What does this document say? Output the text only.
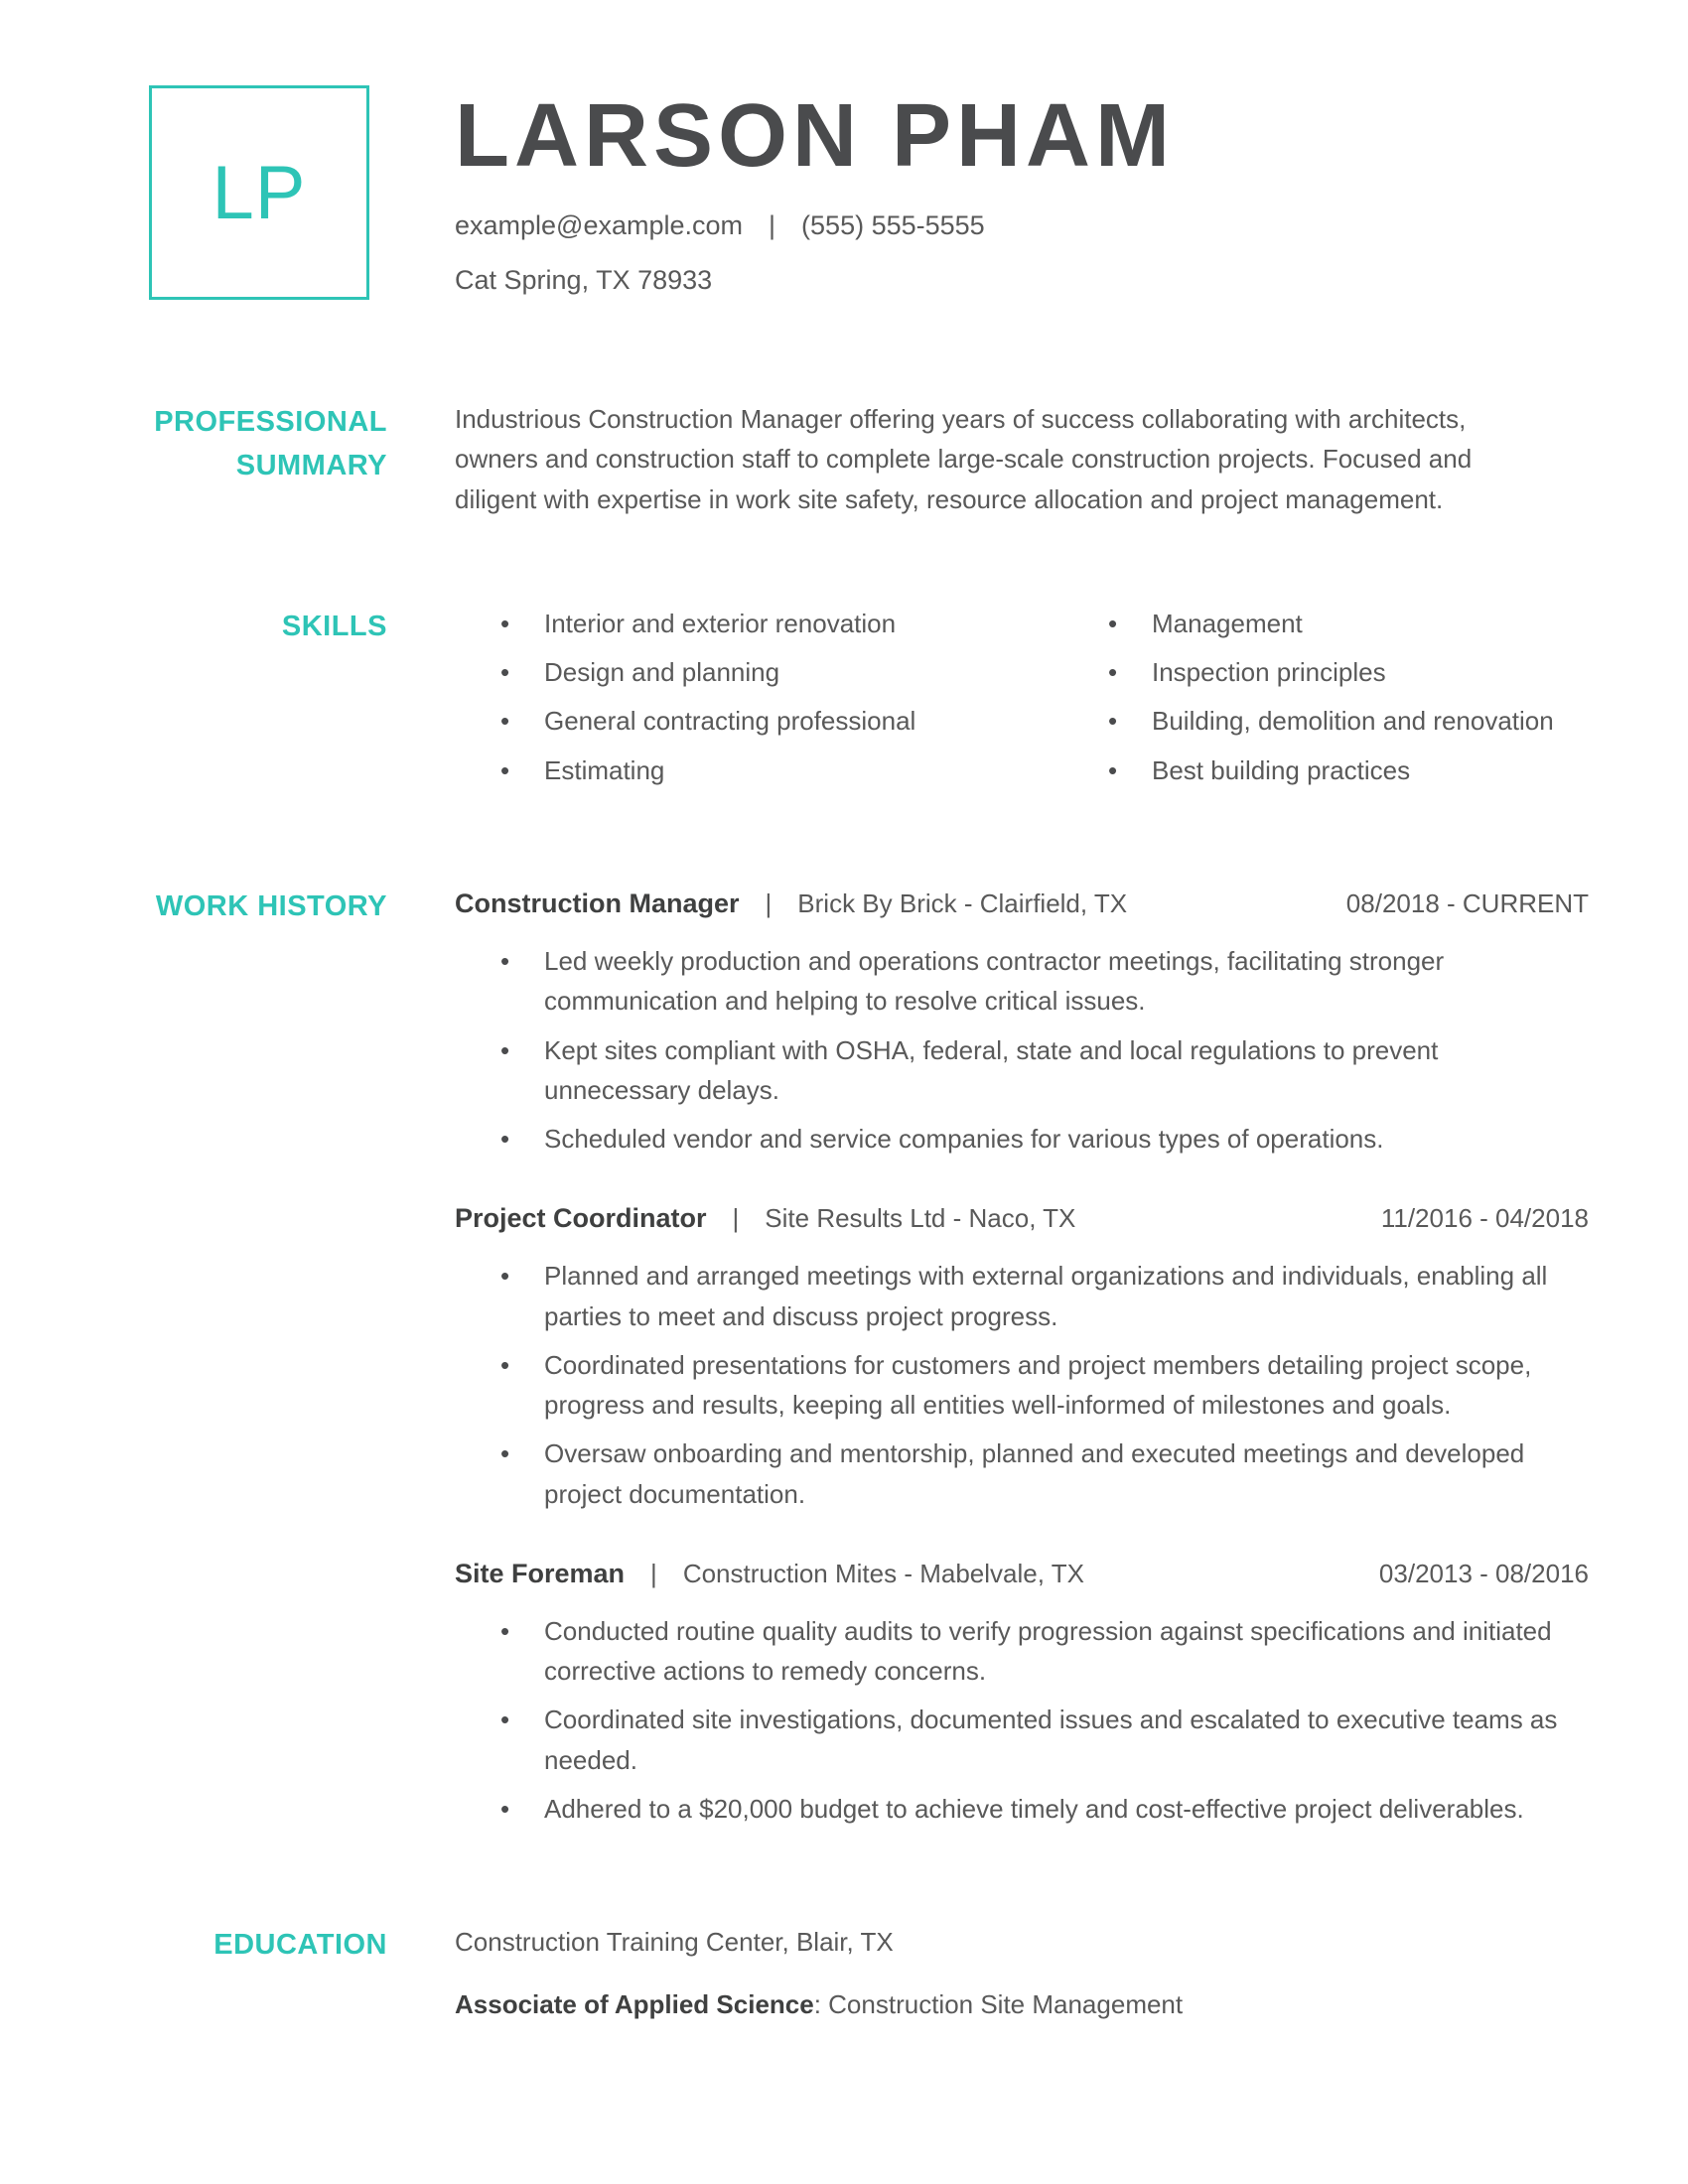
LP
LARSON PHAM
example@example.com | (555) 555-5555
Cat Spring, TX 78933
PROFESSIONAL SUMMARY

Industrious Construction Manager offering years of success collaborating with architects, owners and construction staff to complete large-scale construction projects. Focused and diligent with expertise in work site safety, resource allocation and project management.

SKILLS	• Interior and exterior renovation
• Design and planning
• General contracting professional
• Estimating
• Management
• Inspection principles
• Building, demolition and renovation
• Best building practices
WORK HISTORY	Construction Manager | Brick By Brick - Clairfield, TX	08/2018 - CURRENT
• Led weekly production and operations contractor meetings, facilitating stronger communication and helping to resolve critical issues.
• Kept sites compliant with OSHA, federal, state and local regulations to prevent unnecessary delays.
• Scheduled vendor and service companies for various types of operations.
Project Coordinator | Site Results Ltd - Naco, TX	11/2016 - 04/2018
• Planned and arranged meetings with external organizations and individuals, enabling all parties to meet and discuss project progress.
• Coordinated presentations for customers and project members detailing project scope, progress and results, keeping all entities well-informed of milestones and goals.
• Oversaw onboarding and mentorship, planned and executed meetings and developed project documentation.
Site Foreman | Construction Mites - Mabelvale, TX	03/2013 - 08/2016
• Conducted routine quality audits to verify progression against specifications and initiated corrective actions to remedy concerns.
• Coordinated site investigations, documented issues and escalated to executive teams as needed.
• Adhered to a $20,000 budget to achieve timely and cost-effective project deliverables.
EDUCATION	Construction Training Center, Blair, TX

Associate of Applied Science: Construction Site Management
